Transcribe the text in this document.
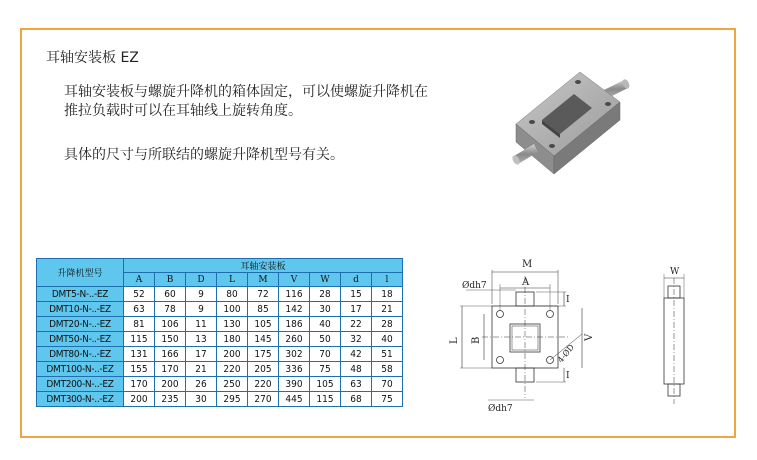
耳轴安装板 EZ
耳轴安装板与螺旋升降机的箱体固定，可以使螺旋升降机在推拉负载时可以在耳轴线上旋转角度。
具体的尺寸与所联结的螺旋升降机型号有关。
升降机型号	耳轴安装板								
	A	B	D	L	M	V	W	d	l
DMT5-N-..-EZ	52	60	9	80	72	116	28	15	18
DMT10-N-..-EZ	63	78	9	100	85	142	30	17	21
DMT20-N-..-EZ	81	106	11	130	105	186	40	22	28
DMT50-N-..-EZ	115	150	13	180	145	260	50	32	40
DMT80-N-..-EZ	131	166	17	200	175	302	70	42	51
DMT100-N-..-EZ	155	170	21	220	205	336	75	48	58
DMT200-N-..-EZ	170	200	26	250	220	390	105	63	70
DMT300-N-..-EZ	200	235	30	295	270	445	115	68	75
M
A
Ødh7
L B
I
I
V
4-ØD
Ødh7
W
